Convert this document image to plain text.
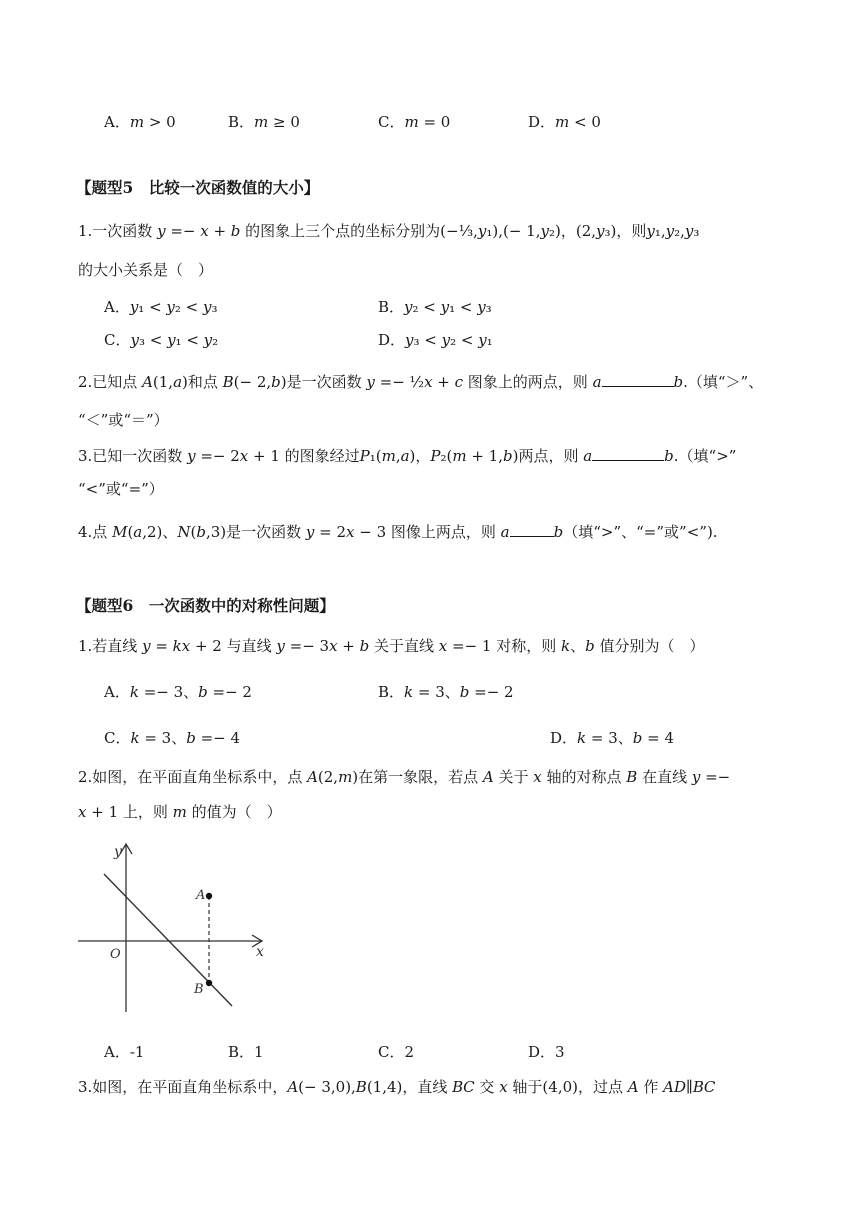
A．𝑚 > 0	B．𝑚 ≥ 0	C．𝑚 = 0	D．𝑚 < 0
【题型5　比较一次函数值的大小】
1.一次函数 𝑦 =− 𝑥 + 𝑏 的图象上三个点的坐标分别为(−⅓,𝑦₁),(− 1,𝑦₂)，(2,𝑦₃)，则𝑦₁,𝑦₂,𝑦₃
的大小关系是（　）
A．𝑦₁ < 𝑦₂ < 𝑦₃	B．𝑦₂ < 𝑦₁ < 𝑦₃
C．𝑦₃ < 𝑦₁ < 𝑦₂	D．𝑦₃ < 𝑦₂ < 𝑦₁
2.已知点 𝐴(1,𝑎)和点 𝐵(− 2,𝑏)是一次函数 𝑦 =− ½𝑥 + 𝑐 图象上的两点，则 𝑎	𝑏.（填“＞”、
“＜”或“＝”）
3.已知一次函数 𝑦 =− 2𝑥 + 1 的图象经过𝑃₁(𝑚,𝑎)，𝑃₂(𝑚 + 1,𝑏)两点，则 𝑎	𝑏.（填“>”
“<”或“=”）
4.点 𝑀(𝑎,2)、𝑁(𝑏,3)是一次函数 𝑦 = 2𝑥 − 3 图像上两点，则 𝑎	𝑏（填“>”、“=”或”<”).
【题型6　一次函数中的对称性问题】
1.若直线 𝑦 = 𝑘𝑥 + 2 与直线 𝑦 =− 3𝑥 + 𝑏 关于直线 𝑥 =− 1 对称，则 𝑘、𝑏 值分别为（　）
A．𝑘 =− 3、𝑏 =− 2	B．𝑘 = 3、𝑏 =− 2
C．𝑘 = 3、𝑏 =− 4	D．𝑘 = 3、𝑏 = 4
2.如图，在平面直角坐标系中，点 𝐴(2,𝑚)在第一象限，若点 𝐴 关于 𝑥 轴的对称点 𝐵 在直线 𝑦 =−
𝑥 + 1 上，则 𝑚 的值为（　）
y
x
O
A
B
A．-1	B．1	C．2	D．3
3.如图，在平面直角坐标系中，𝐴(− 3,0),𝐵(1,4)，直线 𝐵𝐶 交 𝑥 轴于(4,0)，过点 𝐴 作 𝐴𝐷∥𝐵𝐶
